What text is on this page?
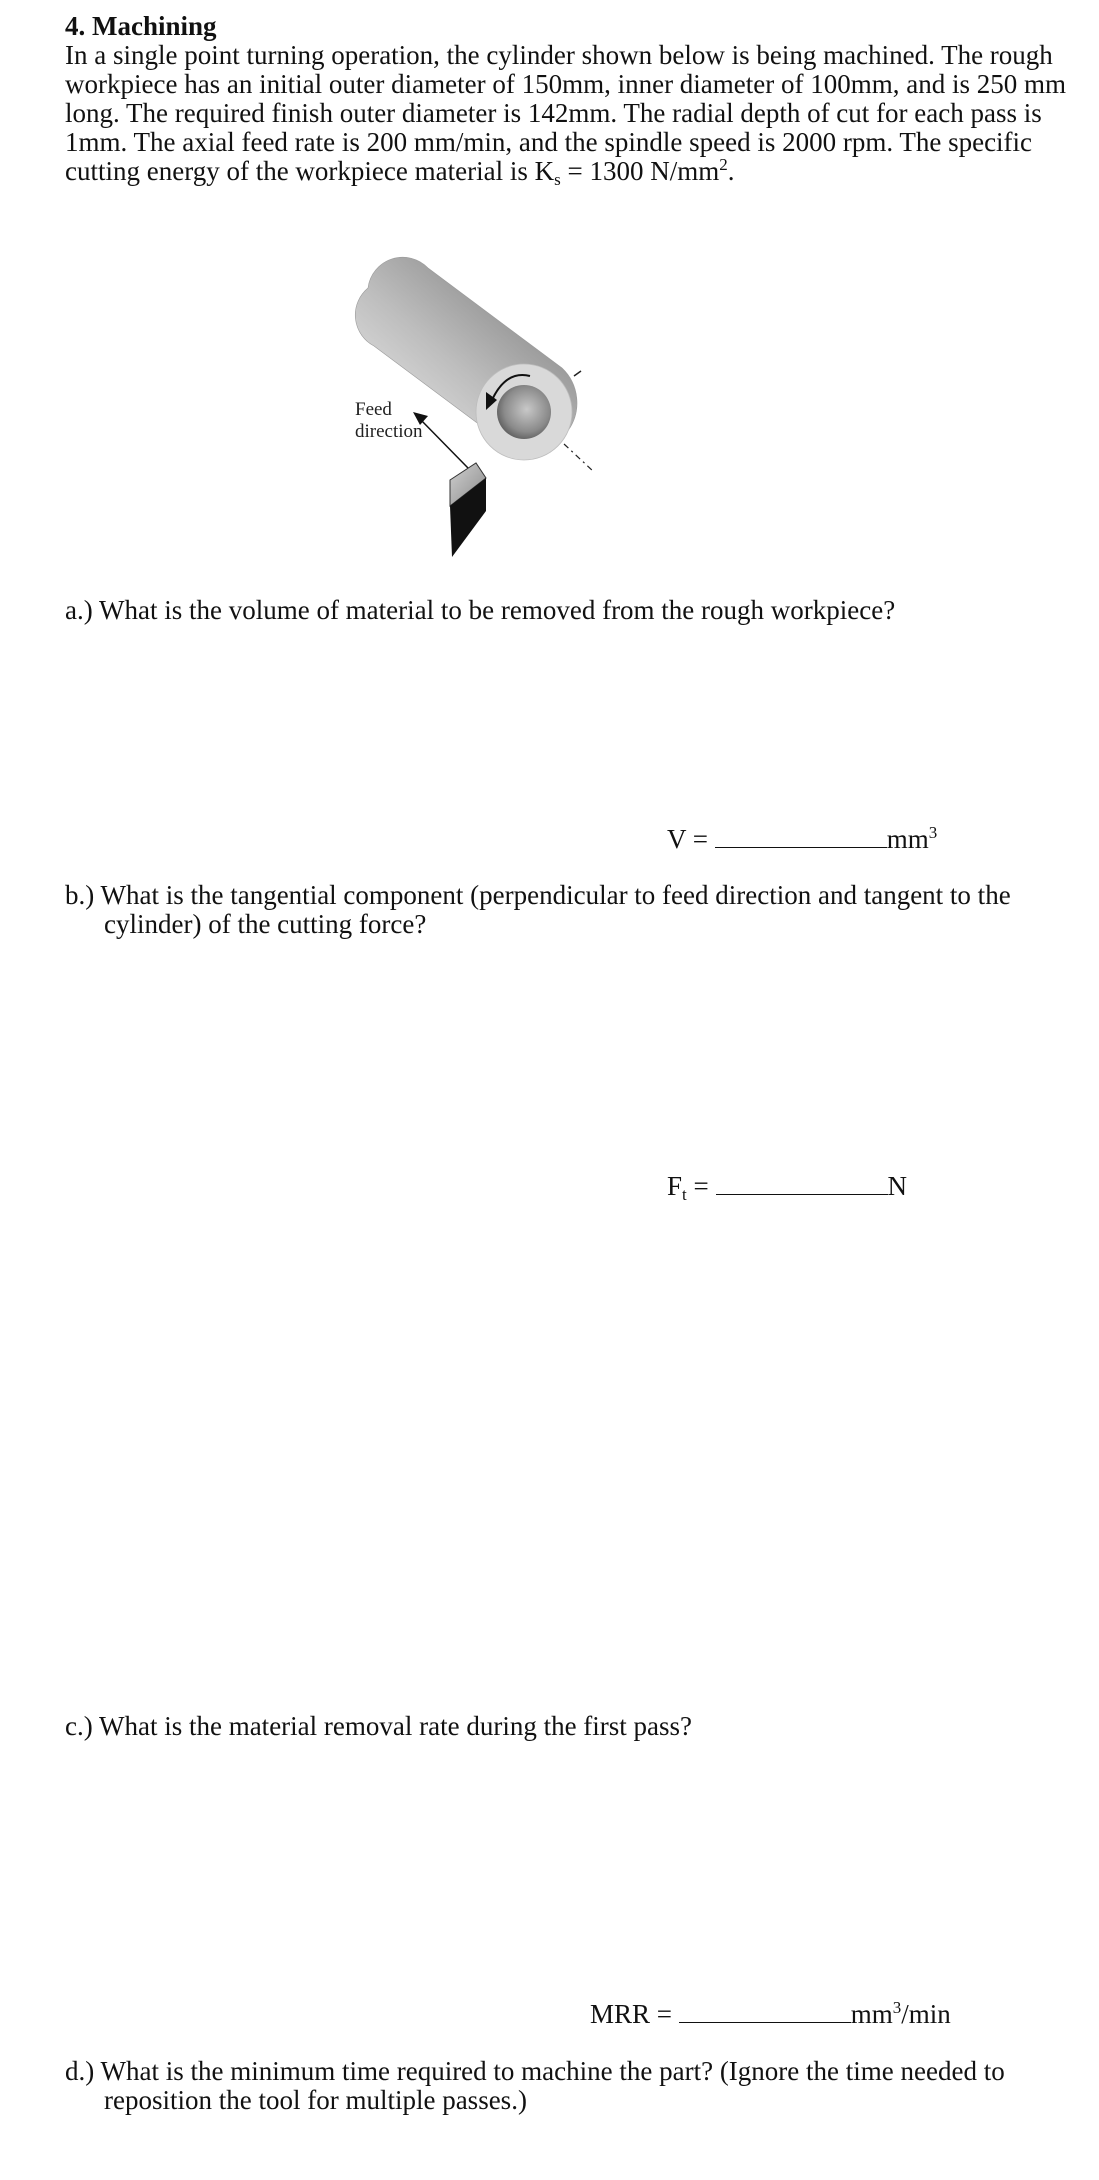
4. Machining
In a single point turning operation, the cylinder shown below is being machined. The rough
workpiece has an initial outer diameter of 150mm, inner diameter of 100mm, and is 250 mm
long. The required finish outer diameter is 142mm. The radial depth of cut for each pass is
1mm. The axial feed rate is 200 mm/min, and the spindle speed is 2000 rpm. The specific
cutting energy of the workpiece material is $K_s = 1300$ $N/mm^2$.
Feed
direction
a.) What is the volume of material to be removed from the rough workpiece?
V =	$mm^3$
b.) What is the tangential component (perpendicular to feed direction and tangent to the
cylinder) of the cutting force?
$F_t$ =	N
c.) What is the material removal rate during the first pass?
MRR =	$mm^3/\min$
d.) What is the minimum time required to machine the part? (Ignore the time needed to
reposition the tool for multiple passes.)
